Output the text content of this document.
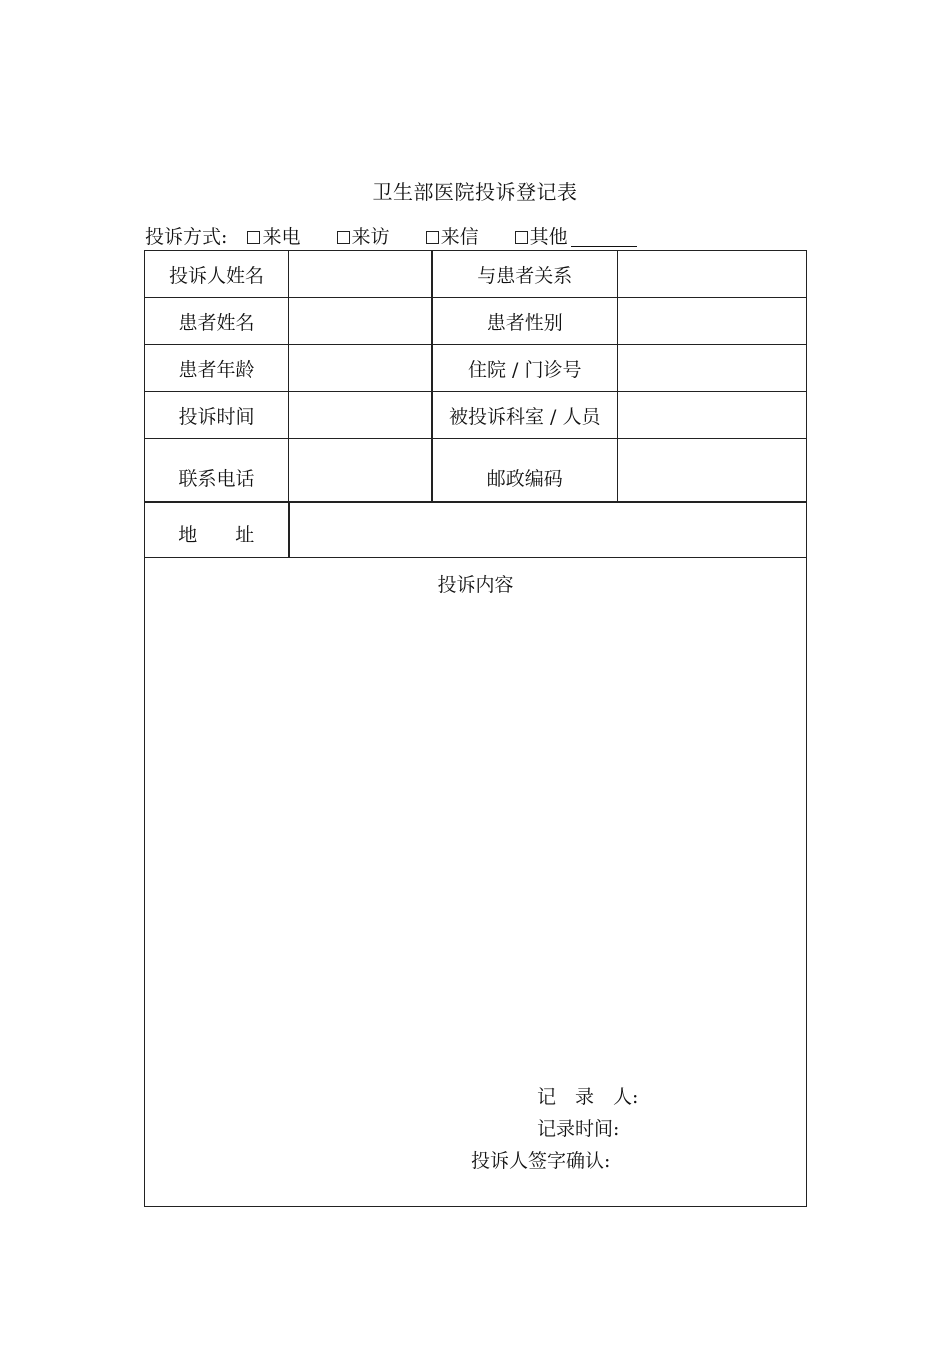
卫生部医院投诉登记表
投诉方式: 来电	来访	来信	其他
投诉人姓名		与患者关系	
患者姓名		患者性别	
患者年龄		住院 / 门诊号	
投诉时间		被投诉科室 / 人员	
联系电话		邮政编码	
地　　址			

投诉内容
记　录　人:
记录时间:
投诉人签字确认:			
